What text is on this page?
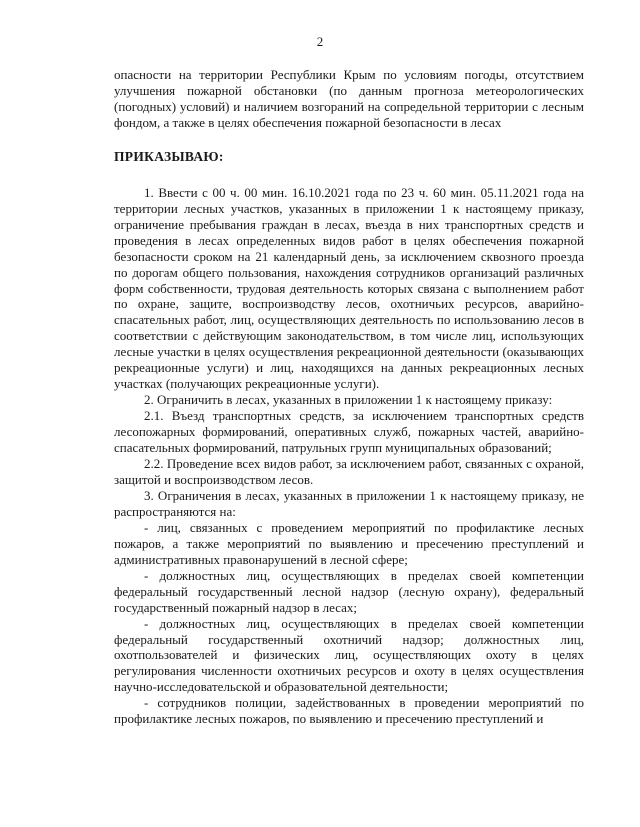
2

опасности на территории Республики Крым по условиям погоды, отсутствием улучшения пожарной обстановки (по данным прогноза метеорологических (погодных) условий) и наличием возгораний на сопредельной территории с лесным фондом, а также в целях обеспечения пожарной безопасности в лесах

ПРИКАЗЫВАЮ:

1. Ввести с 00 ч. 00 мин. 16.10.2021 года по 23 ч. 60 мин. 05.11.2021 года на территории лесных участков, указанных в приложении 1 к настоящему приказу, ограничение пребывания граждан в лесах, въезда в них транспортных средств и проведения в лесах определенных видов работ в целях обеспечения пожарной безопасности сроком на 21 календарный день, за исключением сквозного проезда по дорогам общего пользования, нахождения сотрудников организаций различных форм собственности, трудовая деятельность которых связана с выполнением работ по охране, защите, воспроизводству лесов, охотничьих ресурсов, аварийно-спасательных работ, лиц, осуществляющих деятельность по использованию лесов в соответствии с действующим законодательством, в том числе лиц, использующих лесные участки в целях осуществления рекреационной деятельности (оказывающих рекреационные услуги) и лиц, находящихся на данных рекреационных лесных участках (получающих рекреационные услуги).

2. Ограничить в лесах, указанных в приложении 1 к настоящему приказу:

2.1. Въезд транспортных средств, за исключением транспортных средств лесопожарных формирований, оперативных служб, пожарных частей, аварийно- спасательных формирований, патрульных групп муниципальных образований;

2.2. Проведение всех видов работ, за исключением работ, связанных с охраной, защитой и воспроизводством лесов.

3. Ограничения в лесах, указанных в приложении 1 к настоящему приказу, не распространяются на:

- лиц, связанных с проведением мероприятий по профилактике лесных пожаров, а также мероприятий по выявлению и пресечению преступлений и административных правонарушений в лесной сфере;

- должностных лиц, осуществляющих в пределах своей компетенции федеральный государственный лесной надзор (лесную охрану), федеральный государственный пожарный надзор в лесах;

- должностных лиц, осуществляющих в пределах своей компетенции федеральный государственный охотничий надзор; должностных лиц, охотпользователей и физических лиц, осуществляющих охоту в целях регулирования численности охотничьих ресурсов и охоту в целях осуществления научно-исследовательской и образовательной деятельности;

- сотрудников полиции, задействованных в проведении мероприятий по профилактике лесных пожаров, по выявлению и пресечению преступлений и
